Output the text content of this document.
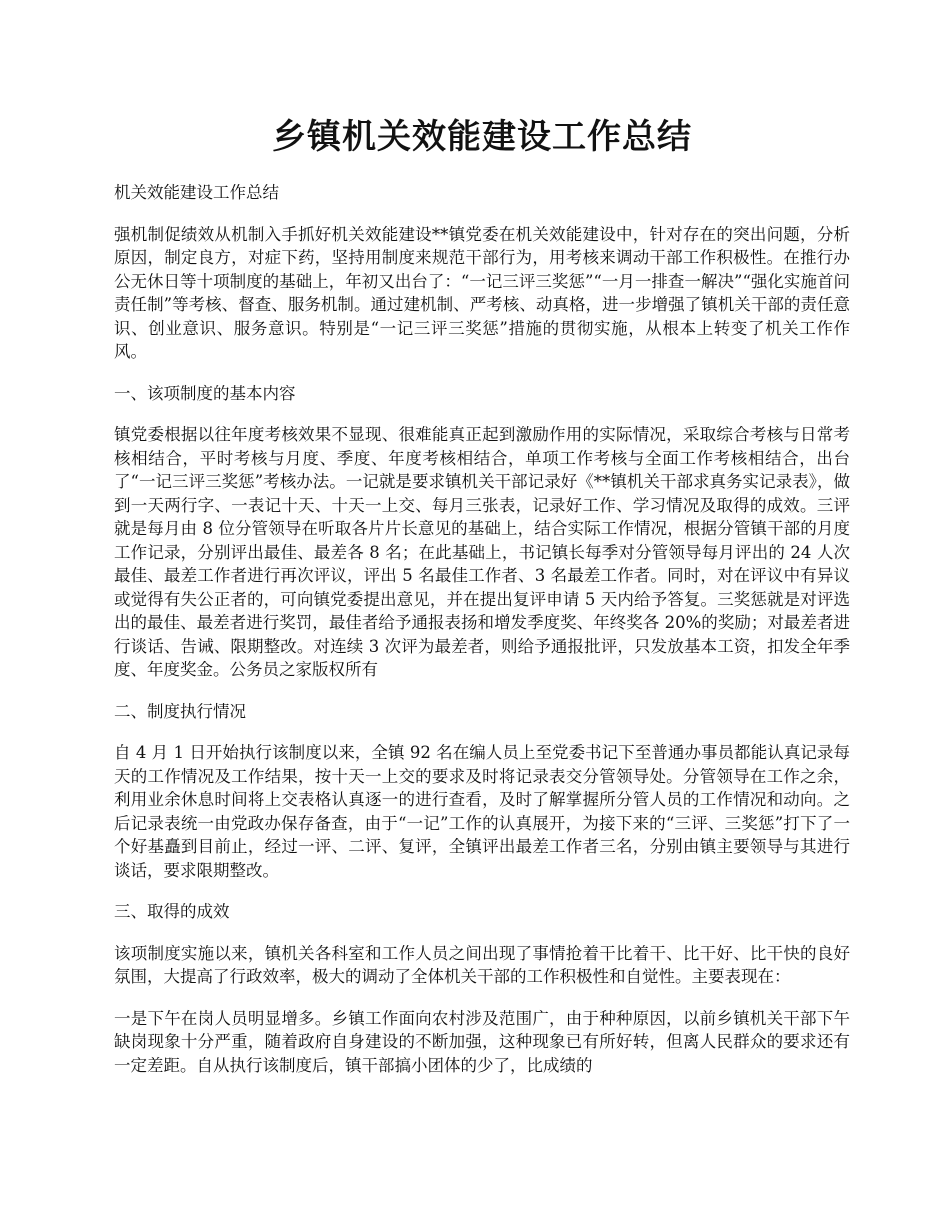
乡镇机关效能建设工作总结

机关效能建设工作总结

强机制促绩效从机制入手抓好机关效能建设**镇党委在机关效能建设中，针对存在的突出问题，分析原因，制定良方，对症下药，坚持用制度来规范干部行为，用考核来调动干部工作积极性。在推行办公无休日等十项制度的基础上，年初又出台了：“一记三评三奖惩”“一月一排查一解决”“强化实施首问责任制”等考核、督查、服务机制。通过建机制、严考核、动真格，进一步增强了镇机关干部的责任意识、创业意识、服务意识。特别是“一记三评三奖惩”措施的贯彻实施，从根本上转变了机关工作作风。

一、该项制度的基本内容

镇党委根据以往年度考核效果不显现、很难能真正起到激励作用的实际情况，采取综合考核与日常考核相结合，平时考核与月度、季度、年度考核相结合，单项工作考核与全面工作考核相结合，出台了“一记三评三奖惩”考核办法。一记就是要求镇机关干部记录好《**镇机关干部求真务实记录表》，做到一天两行字、一表记十天、十天一上交、每月三张表，记录好工作、学习情况及取得的成效。三评就是每月由 8 位分管领导在听取各片片长意见的基础上，结合实际工作情况，根据分管镇干部的月度工作记录，分别评出最佳、最差各 8 名；在此基础上，书记镇长每季对分管领导每月评出的 24 人次最佳、最差工作者进行再次评议，评出 5 名最佳工作者、3 名最差工作者。同时，对在评议中有异议或觉得有失公正者的，可向镇党委提出意见，并在提出复评申请 5 天内给予答复。三奖惩就是对评选出的最佳、最差者进行奖罚，最佳者给予通报表扬和增发季度奖、年终奖各 20%的奖励；对最差者进行谈话、告诫、限期整改。对连续 3 次评为最差者，则给予通报批评，只发放基本工资，扣发全年季度、年度奖金。公务员之家版权所有

二、制度执行情况

自 4 月 1 日开始执行该制度以来，全镇 92 名在编人员上至党委书记下至普通办事员都能认真记录每天的工作情况及工作结果，按十天一上交的要求及时将记录表交分管领导处。分管领导在工作之余，利用业余休息时间将上交表格认真逐一的进行查看，及时了解掌握所分管人员的工作情况和动向。之后记录表统一由党政办保存备查，由于“一记”工作的认真展开，为接下来的“三评、三奖惩”打下了一个好基矗到目前止，经过一评、二评、复评，全镇评出最差工作者三名，分别由镇主要领导与其进行谈话，要求限期整改。

三、取得的成效

该项制度实施以来，镇机关各科室和工作人员之间出现了事情抢着干比着干、比干好、比干快的良好氛围，大提高了行政效率，极大的调动了全体机关干部的工作积极性和自觉性。主要表现在：

一是下午在岗人员明显增多。乡镇工作面向农村涉及范围广，由于种种原因，以前乡镇机关干部下午缺岗现象十分严重，随着政府自身建设的不断加强，这种现象已有所好转，但离人民群众的要求还有一定差距。自从执行该制度后，镇干部搞小团体的少了，比成绩的
